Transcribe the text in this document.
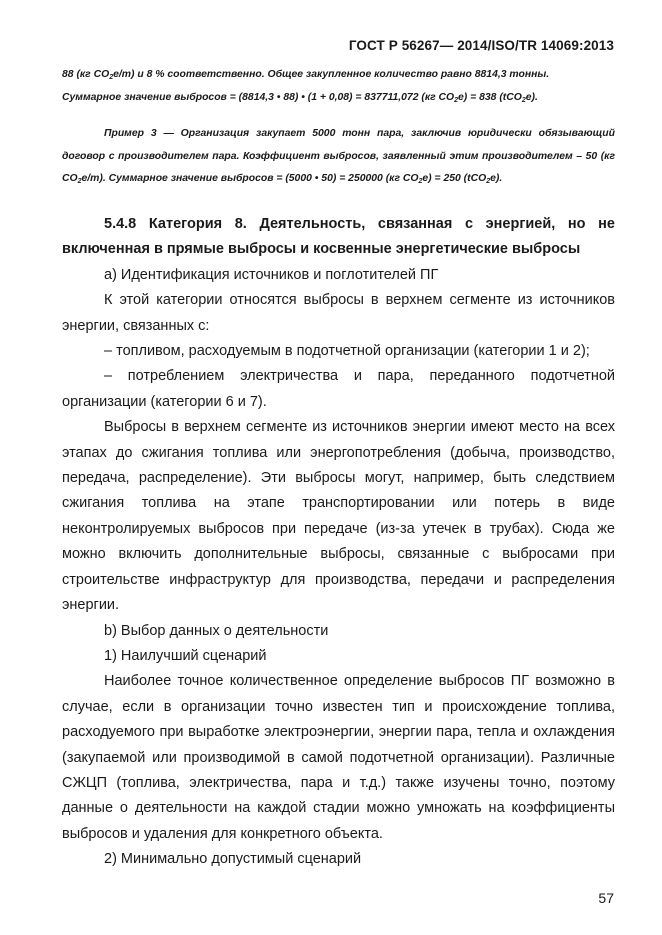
ГОСТ Р 56267— 2014/ISO/TR 14069:2013

88 (кг $CO_2e/т$) и 8 % соответственно. Общее закупленное количество равно 8814,3 тонны.

Суммарное значение выбросов = (8814,3 • 88) • (1 + 0,08) = 837711,072 (кг $CO_2e) = 838$ (tCO$_2$e).

Пример 3 — Организация закупает 5000 тонн пара, заключив юридически обязывающий договор с производителем пара. Коэффициент выбросов, заявленный этим производителем – 50 (кг $CO_2e/т$). Суммарное значение выбросов = (5000 • 50) = 250000 (кг $CO_2e) = 250$ (tCO$_2$e).

5.4.8 Категория 8. Деятельность, связанная с энергией, но не включенная в прямые выбросы и косвенные энергетические выбросы

а) Идентификация источников и поглотителей ПГ

К этой категории относятся выбросы в верхнем сегменте из источников энергии, связанных с:

– топливом, расходуемым в подотчетной организации (категории 1 и 2);

– потреблением электричества и пара, переданного подотчетной организации (категории 6 и 7).

Выбросы в верхнем сегменте из источников энергии имеют место на всех этапах до сжигания топлива или энергопотребления (добыча, производство, передача, распределение). Эти выбросы могут, например, быть следствием сжигания топлива на этапе транспортировании или потерь в виде неконтролируемых выбросов при передаче (из-за утечек в трубах). Сюда же можно включить дополнительные выбросы, связанные с выбросами при строительстве инфраструктур для производства, передачи и распределения энергии.

b) Выбор данных о деятельности

1) Наилучший сценарий

Наиболее точное количественное определение выбросов ПГ возможно в случае, если в организации точно известен тип и происхождение топлива, расходуемого при выработке электроэнергии, энергии пара, тепла и охлаждения (закупаемой или производимой в самой подотчетной организации). Различные СЖЦП (топлива, электричества, пара и т.д.) также изучены точно, поэтому данные о деятельности на каждой стадии можно умножать на коэффициенты выбросов и удаления для конкретного объекта.

2) Минимально допустимый сценарий

57
